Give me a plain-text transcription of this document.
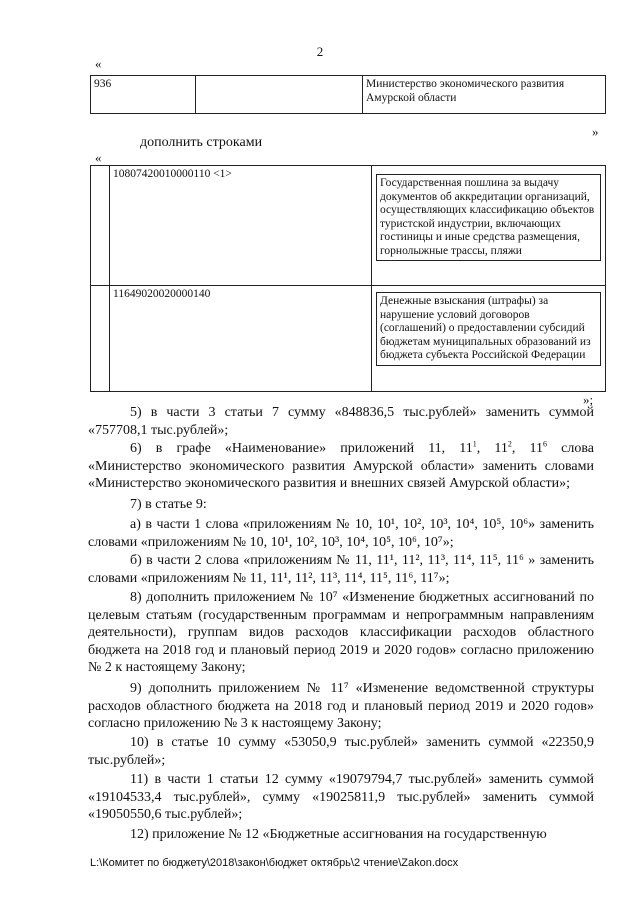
2
«
936		Министерство экономического развития Амурской области
»
дополнить строками
«
	10807420010000110 <1>	Государственная пошлина за выдачу документов об аккредитации организаций, осуществляющих классификацию объектов туристской индустрии, включающих гостиницы и иные средства размещения, горнолыжные трассы, пляжи

	11649020020000140	Денежные взыскания (штрафы) за нарушение условий договоров (соглашений) о предоставлении субсидий бюджетам муниципальных образований из бюджета субъекта Российской Федерации
»;
5) в части 3 статьи 7 сумму «848836,5 тыс.рублей» заменить суммой «757708,1 тыс.рублей»;
6) в графе «Наименование» приложений 11, $11^1$, $11^2$, $11^6$ слова «Министерство экономического развития Амурской области» заменить словами «Министерство экономического развития и внешних связей Амурской области»;
7) в статье 9:
а) в части 1 слова «приложениям № 10, 10¹, 10², 10³, 10⁴, 10⁵, 10⁶» заменить словами «приложениям № 10, 10¹, 10², 10³, 10⁴, 10⁵, 10⁶, 10⁷»;
б) в части 2 слова «приложениям № 11, 11¹, 11², 11³, 11⁴, 11⁵, 11⁶ » заменить словами «приложениям № 11, 11¹, 11², 11³, 11⁴, 11⁵, 11⁶, 11⁷»;
8) дополнить приложением № 10⁷ «Изменение бюджетных ассигнований по целевым статьям (государственным программам и непрограммным направлениям деятельности), группам видов расходов классификации расходов областного бюджета на 2018 год и плановый период 2019 и 2020 годов» согласно приложению № 2 к настоящему Закону;
9) дополнить приложением № 11⁷ «Изменение ведомственной структуры расходов областного бюджета на 2018 год и плановый период 2019 и 2020 годов» согласно приложению № 3 к настоящему Закону;
10) в статье 10 сумму «53050,9 тыс.рублей» заменить суммой «22350,9 тыс.рублей»;
11) в части 1 статьи 12 сумму «19079794,7 тыс.рублей» заменить суммой «19104533,4 тыс.рублей», сумму «19025811,9 тыс.рублей» заменить суммой «19050550,6 тыс.рублей»;
12) приложение № 12 «Бюджетные ассигнования на государственную
L:\Комитет по бюджету\2018\закон\бюджет октябрь\2 чтение\Zakon.docx
